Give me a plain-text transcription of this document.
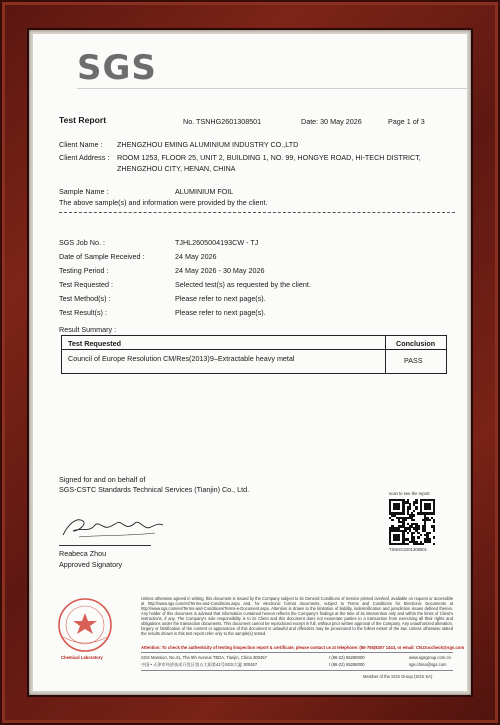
SGS
Test Report	No. TSNHG2601308501	Date: 30 May 2026	Page 1 of 3
Client Name : ZHENGZHOU EMING ALUMINIUM INDUSTRY CO.,LTD
Client Address : ROOM 1253, FLOOR 25, UNIT 2, BUILDING 1, NO. 99, HONGYE ROAD, HI-TECH DISTRICT,
ZHENGZHOU CITY, HENAN, CHINA
Sample Name :	ALUMINIUM FOIL
The above sample(s) and information were provided by the client.
SGS Job No. :	TJHL2605004193CW - TJ
Date of Sample Received :	24 May 2026
Testing Period :	24 May 2026 - 30 May 2026
Test Requested :	Selected test(s) as requested by the client.
Test Method(s) :	Please refer to next page(s).
Test Result(s) :	Please refer to next page(s).
Result Summary :
Test Requested	Conclusion
Council of Europe Resolution CM/Res(2013)9–Extractable heavy metal	PASS
Signed for and on behalf of
SGS-CSTC Standards Technical Services (Tianjin) Co., Ltd.
Reabeca Zhou
Approved Signatory
scan to see the report
TSNHG2201308501
Chemical Laboratory
Unless otherwise agreed in writing, this document is issued by the Company subject to its General Conditions of Service printed overleaf, available on request or accessible at http://www.sgs.com/en/Terms-and-Conditions.aspx and, for electronic format documents, subject to Terms and Conditions for Electronic Documents at http://www.sgs.com/en/Terms-and-Conditions/Terms-e-Document.aspx. Attention is drawn to the limitation of liability, indemnification and jurisdiction issues defined therein. Any holder of this document is advised that information contained hereon reflects the Company's findings at the time of its intervention only and within the limits of Client's instructions, if any. The Company's sole responsibility is to its Client and this document does not exonerate parties to a transaction from exercising all their rights and obligations under the transaction documents. This document cannot be reproduced except in full, without prior written approval of the Company. Any unauthorized alteration, forgery or falsification of the content or appearance of this document is unlawful and offenders may be prosecuted to the fullest extent of the law. Unless otherwise stated the results shown in this test report refer only to the sample(s) tested.
Attention: To check the authenticity of testing /inspection report & certificate, please contact us at telephone: (86-755)8307 1443, or email: CN.Doccheck@sgs.com
SGS Mansion, No.41, The 5th Avenue TEDA, Tianjin, China 300457	t (86-22) 65288000	www.sgsgroup.com.cn
中国 • 天津市经济技术开发区第五大街第41号SGS大厦 300457	t (86-22) 65288000	sgs.china@sgs.com
Member of the SGS Group (SGS SA)
